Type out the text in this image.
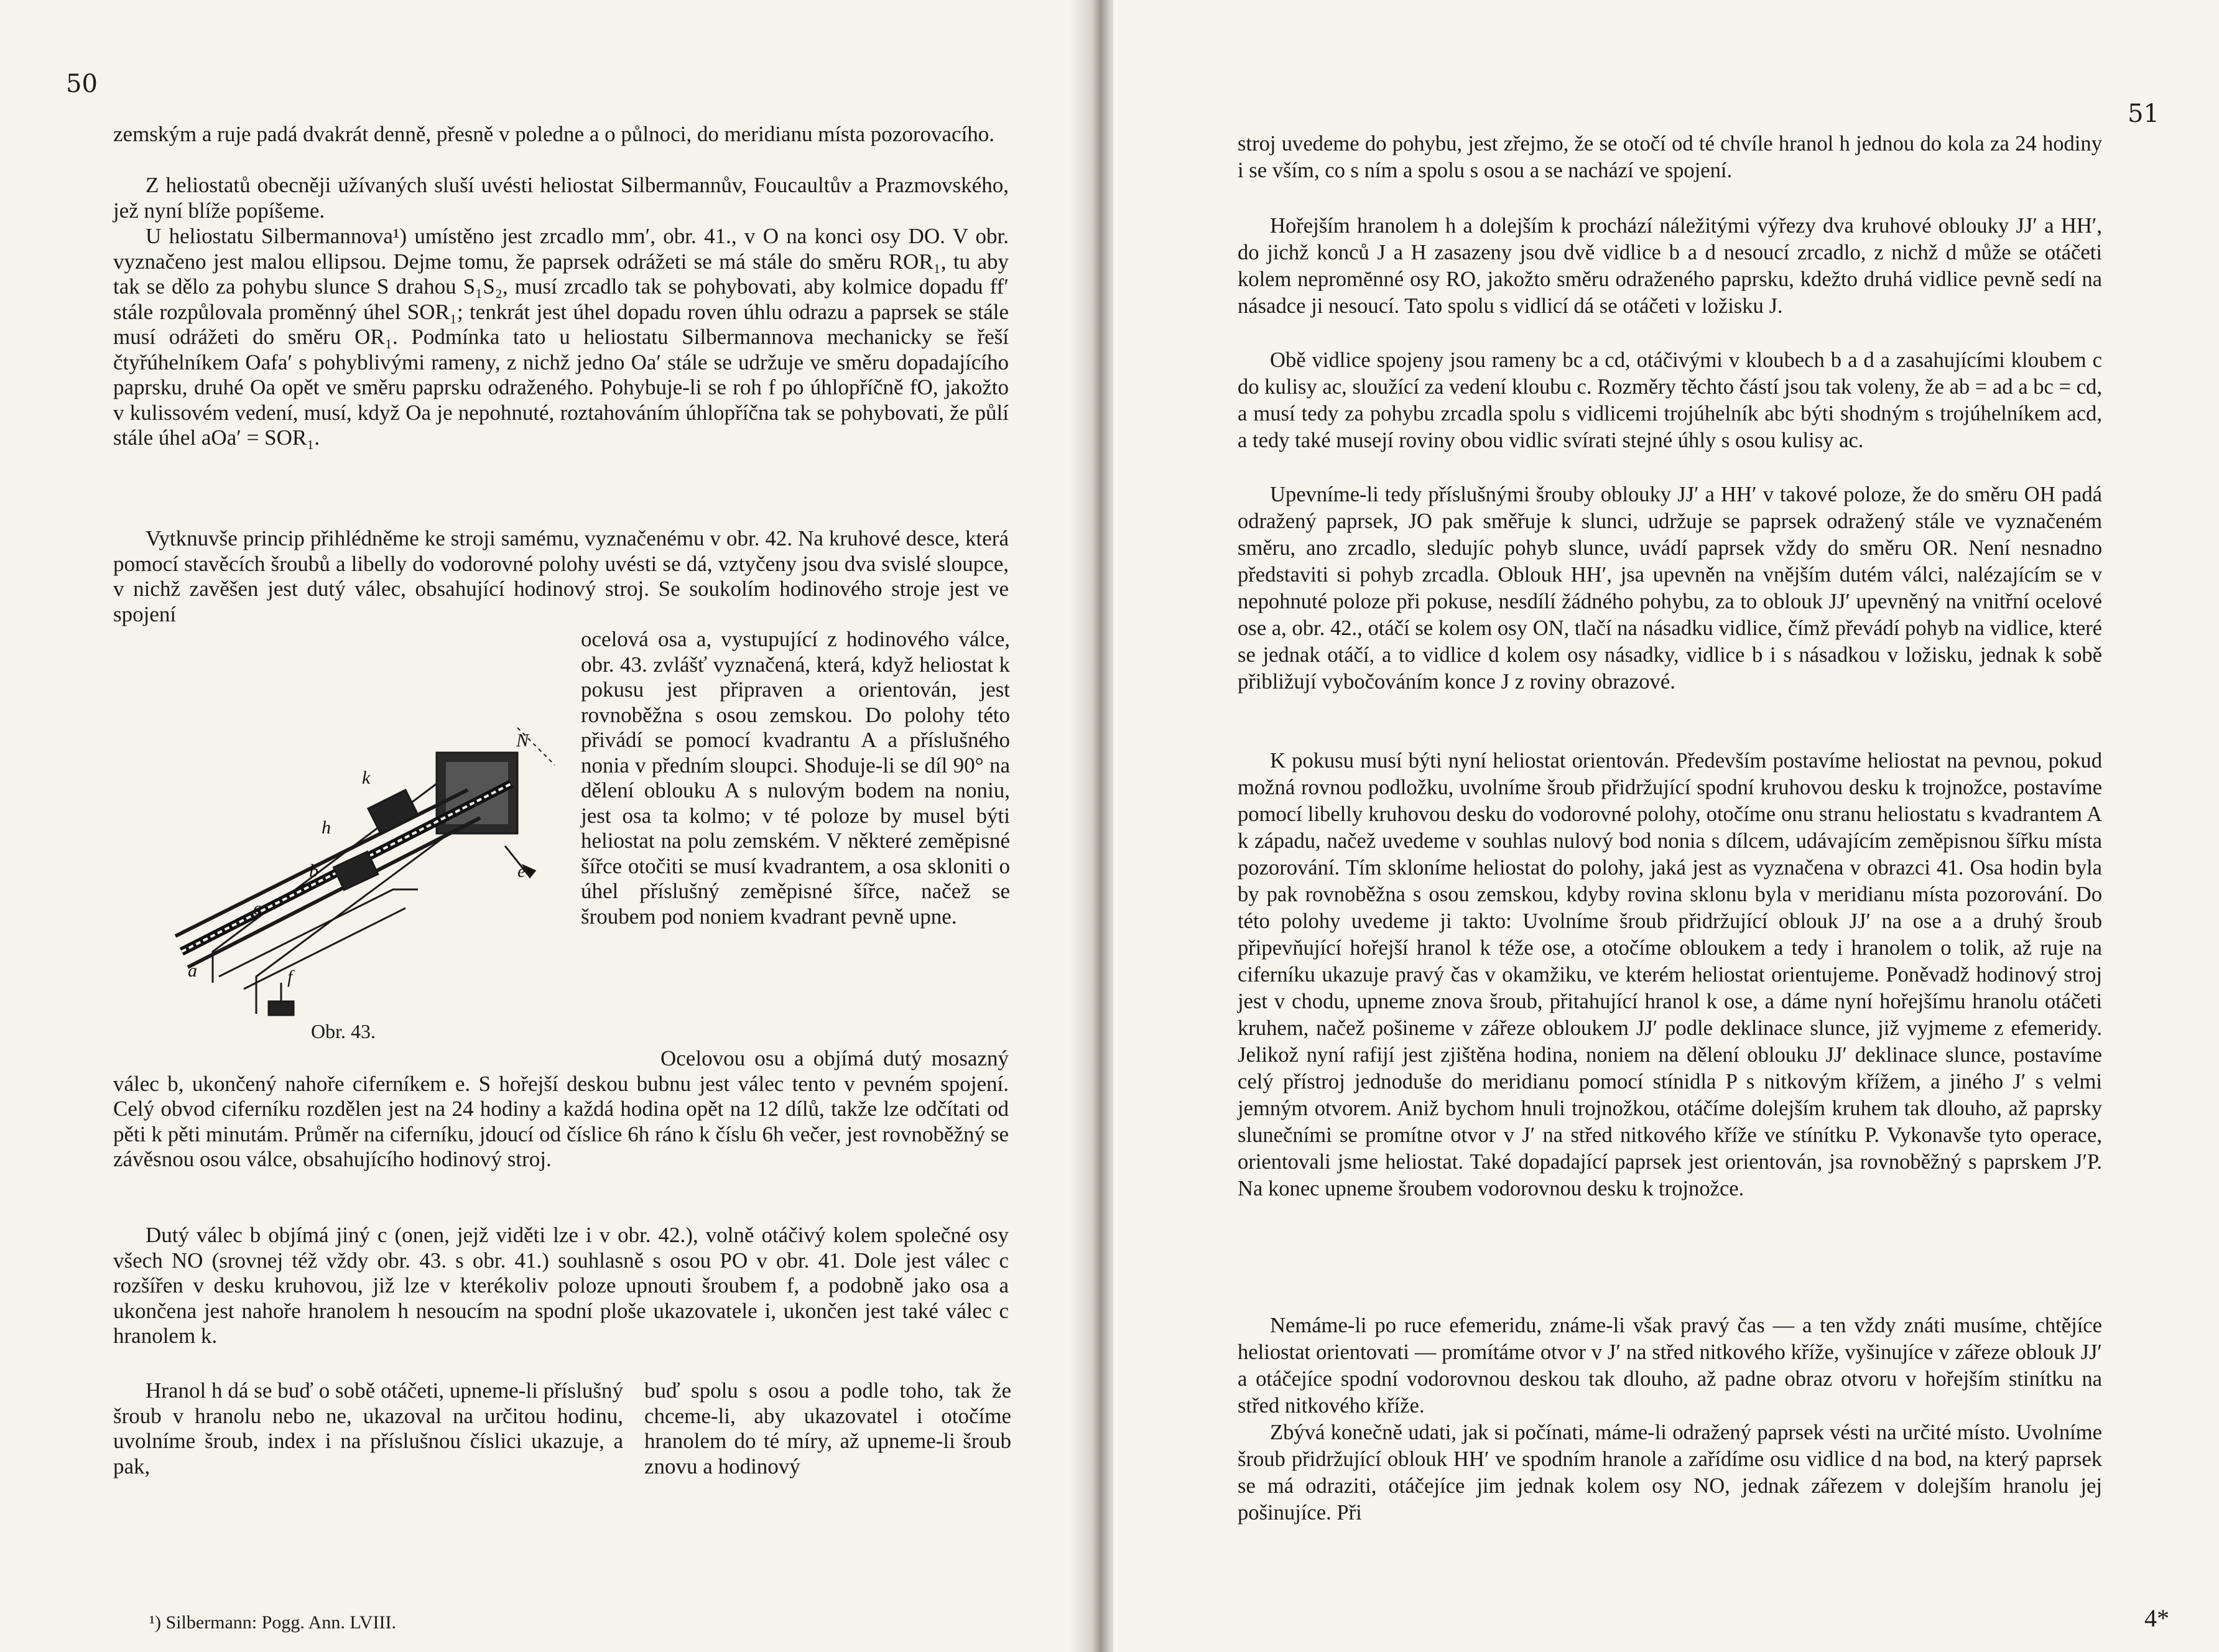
50

zemským a ruje padá dvakrát denně, přesně v poledne a o půlnoci, do meridianu místa pozorovacího.

Z heliostatů obecněji užívaných sluší uvésti heliostat Silbermannův, Foucaultův a Prazmovského, jež nyní blíže popíšeme.

U heliostatu Silbermannova¹) umístěno jest zrcadlo mm′, obr. 41., v O na konci osy DO. V obr. vyznačeno jest malou ellipsou. Dejme tomu, že paprsek odrážeti se má stále do směru ROR₁, tu aby tak se dělo za pohybu slunce S drahou S₁S₂, musí zrcadlo tak se pohybovati, aby kolmice dopadu ff′ stále rozpůlovala proměnný úhel SOR₁; tenkrát jest úhel dopadu roven úhlu odrazu a paprsek se stále musí odrážeti do směru OR₁. Podmínka tato u heliostatu Silbermannova mechanicky se řeší čtyřúhelníkem Oafa′ s pohyblivými rameny, z nichž jedno Oa′ stále se udržuje ve směru dopadajícího paprsku, druhé Oa opět ve směru paprsku odraženého. Pohybuje-li se roh f po úhlopříčně fO, jakožto v kulissovém vedení, musí, když Oa je nepohnuté, roztahováním úhlopříčna tak se pohybovati, že půlí stále úhel aOa′ = SOR₁.

Vytknuvše princip přihlédněme ke stroji samému, vyznačenému v obr. 42. Na kruhové desce, která pomocí stavěcích šroubů a libelly do vodorovné polohy uvésti se dá, vztyčeny jsou dva svislé sloupce, v nichž zavěšen jest dutý válec, obsahující hodinový stroj. Se soukolím hodinového stroje jest ve spojení

ocelová osa a, vystupující z hodinového válce, obr. 43. zvlášť vyznačená, která, když heliostat k pokusu jest připraven a orientován, jest rovnoběžna s osou zemskou. Do polohy této přivádí se pomocí kvadrantu A a příslušného nonia v předním sloupci. Shoduje-li se díl 90° na dělení oblouku A s nulovým bodem na noniu, jest osa ta kolmo; v té poloze by musel býti heliostat na polu zemském. V některé zeměpisné šířce otočiti se musí kvadrantem, a osa skloniti o úhel příslušný zeměpisné šířce, načež se šroubem pod noniem kvadrant pevně upne.

N
k
h
b
c
a
e
f

Obr. 43.

Ocelovou osu a objímá dutý mosazný válec b, ukončený nahoře ciferníkem e. S hořejší deskou bubnu jest válec tento v pevném spojení. Celý obvod ciferníku rozdělen jest na 24 hodiny a každá hodina opět na 12 dílů, takže lze odčítati od pěti k pěti minutám. Průměr na ciferníku, jdoucí od číslice 6h ráno k číslu 6h večer, jest rovnoběžný se závěsnou osou válce, obsahujícího hodinový stroj.

Dutý válec b objímá jiný c (onen, jejž viděti lze i v obr. 42.), volně otáčivý kolem společné osy všech NO (srovnej též vždy obr. 43. s obr. 41.) souhlasně s osou PO v obr. 41. Dole jest válec c rozšířen v desku kruhovou, již lze v kterékoliv poloze upnouti šroubem f, a podobně jako osa a ukončena jest nahoře hranolem h nesoucím na spodní ploše ukazovatele i, ukončen jest také válec c hranolem k.

Hranol h dá se buď o sobě otáčeti, upneme-li příslušný šroub v hranolu nebo ne, ukazoval na určitou hodinu, uvolníme šroub, index i na příslušnou číslici ukazuje, a pak,

buď spolu s osou a podle toho, tak že chceme-li, aby ukazovatel i otočíme hranolem do té míry, až upneme-li šroub znovu a hodinový

¹) Silbermann: Pogg. Ann. LVIII.

51

stroj uvedeme do pohybu, jest zřejmo, že se otočí od té chvíle hranol h jednou do kola za 24 hodiny i se vším, co s ním a spolu s osou a se nachází ve spojení.

Hořejším hranolem h a dolejším k prochází náležitými výřezy dva kruhové oblouky JJ′ a HH′, do jichž konců J a H zasazeny jsou dvě vidlice b a d nesoucí zrcadlo, z nichž d může se otáčeti kolem nepromĕnné osy RO, jakožto směru odraženého paprsku, kdežto druhá vidlice pevně sedí na násadce ji nesoucí. Tato spolu s vidlicí dá se otáčeti v ložisku J.

Obě vidlice spojeny jsou rameny bc a cd, otáčivými v kloubech b a d a zasahujícími kloubem c do kulisy ac, sloužící za vedení kloubu c. Rozměry těchto částí jsou tak voleny, že ab = ad a bc = cd, a musí tedy za pohybu zrcadla spolu s vidlicemi trojúhelník abc býti shodným s trojúhelníkem acd, a tedy také musejí roviny obou vidlic svírati stejné úhly s osou kulisy ac.

Upevníme-li tedy příslušnými šrouby oblouky JJ′ a HH′ v takové poloze, že do směru OH padá odražený paprsek, JO pak směřuje k slunci, udržuje se paprsek odražený stále ve vyznačeném směru, ano zrcadlo, sledujíc pohyb slunce, uvádí paprsek vždy do směru OR. Není nesnadno představiti si pohyb zrcadla. Oblouk HH′, jsa upevněn na vnějším dutém válci, nalézajícím se v nepohnuté poloze při pokuse, nesdílí žádného pohybu, za to oblouk JJ′ upevněný na vnitřní ocelové ose a, obr. 42., otáčí se kolem osy ON, tlačí na násadku vidlice, čímž převádí pohyb na vidlice, které se jednak otáčí, a to vidlice d kolem osy násadky, vidlice b i s násadkou v ložisku, jednak k sobě přibližují vybočováním konce J z roviny obrazové.

K pokusu musí býti nyní heliostat orientován. Především postavíme heliostat na pevnou, pokud možná rovnou podložku, uvolníme šroub přidržující spodní kruhovou desku k trojnožce, postavíme pomocí libelly kruhovou desku do vodorovné polohy, otočíme onu stranu heliostatu s kvadrantem A k západu, načež uvedeme v souhlas nulový bod nonia s dílcem, udávajícím zeměpisnou šířku místa pozorování. Tím skloníme heliostat do polohy, jaká jest as vyznačena v obrazci 41. Osa hodin byla by pak rovnoběžna s osou zemskou, kdyby rovina sklonu byla v meridianu místa pozorování. Do této polohy uvedeme ji takto: Uvolníme šroub přidržující oblouk JJ′ na ose a a druhý šroub připevňující hořejší hranol k téže ose, a otočíme obloukem a tedy i hranolem o tolik, až ruje na ciferníku ukazuje pravý čas v okamžiku, ve kterém heliostat orientujeme. Poněvadž hodinový stroj jest v chodu, upneme znova šroub, přitahující hranol k ose, a dáme nyní hořejšímu hranolu otáčeti kruhem, načež pošineme v zářeze obloukem JJ′ podle deklinace slunce, již vyjmeme z efemeridy. Jelikož nyní rafijí jest zjištěna hodina, noniem na dělení oblouku JJ′ deklinace slunce, postavíme celý přístroj jednoduše do meridianu pomocí stínidla P s nitkovým křížem, a jiného J′ s velmi jemným otvorem. Aniž bychom hnuli trojnožkou, otáčíme dolejším kruhem tak dlouho, až paprsky slunečními se promítne otvor v J′ na střed nitkového kříže ve stínítku P. Vykonavše tyto operace, orientovali jsme heliostat. Také dopadající paprsek jest orientován, jsa rovnoběžný s paprskem J′P. Na konec upneme šroubem vodorovnou desku k trojnožce.

Nemáme-li po ruce efemeridu, známe-li však pravý čas — a ten vždy znáti musíme, chtějíce heliostat orientovati — promítáme otvor v J′ na střed nitkového kříže, vyšinujíce v zářeze oblouk JJ′ a otáčejíce spodní vodorovnou deskou tak dlouho, až padne obraz otvoru v hořejším stinítku na střed nitkového kříže.

Zbývá konečně udati, jak si počínati, máme-li odražený paprsek vésti na určité místo. Uvolníme šroub přidržující oblouk HH′ ve spodním hranole a zařídíme osu vidlice d na bod, na který paprsek se má odraziti, otáčejíce jim jednak kolem osy NO, jednak zářezem v dolejším hranolu jej pošinujíce. Při

4*
